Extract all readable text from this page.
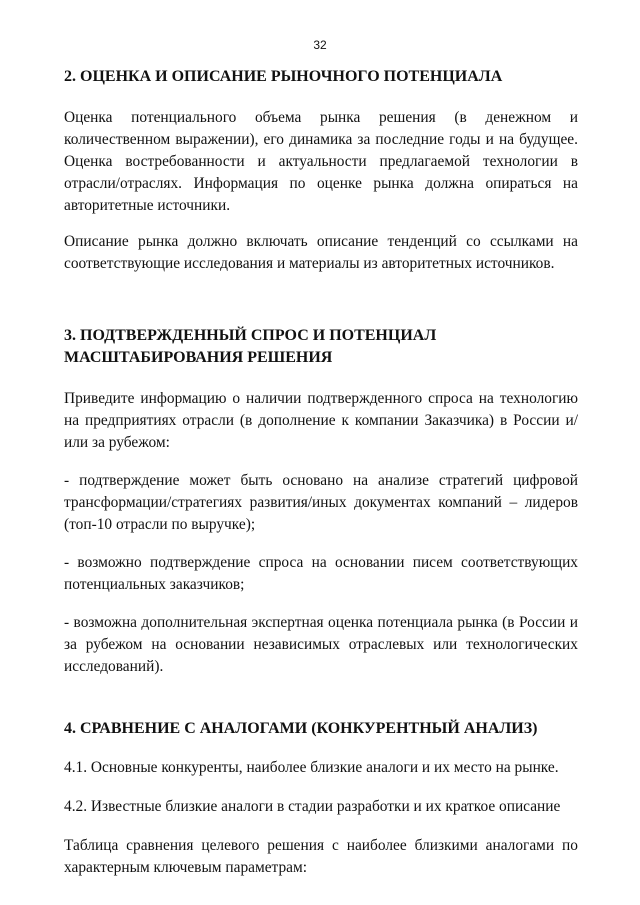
32
2. ОЦЕНКА И ОПИСАНИЕ РЫНОЧНОГО ПОТЕНЦИАЛА

Оценка потенциального объема рынка решения (в денежном и количественном выражении), его динамика за последние годы и на будущее. Оценка востребованности и актуальности предлагаемой технологии в отрасли/отраслях. Информация по оценке рынка должна опираться на авторитетные источники.

Описание рынка должно включать описание тенденций со ссылками на соответствующие исследования и материалы из авторитетных источников.

3. ПОДТВЕРЖДЕННЫЙ СПРОС И ПОТЕНЦИАЛ
МАСШТАБИРОВАНИЯ РЕШЕНИЯ

Приведите информацию о наличии подтвержденного спроса на технологию на предприятиях отрасли (в дополнение к компании Заказчика) в России и/или за рубежом:

- подтверждение может быть основано на анализе стратегий цифровой трансформации/стратегиях развития/иных документах компаний – лидеров (топ-10 отрасли по выручке);

- возможно подтверждение спроса на основании писем соответствующих потенциальных заказчиков;

- возможна дополнительная экспертная оценка потенциала рынка (в России и за рубежом на основании независимых отраслевых или технологических исследований).

4. СРАВНЕНИЕ С АНАЛОГАМИ (КОНКУРЕНТНЫЙ АНАЛИЗ)

4.1. Основные конкуренты, наиболее близкие аналоги и их место на рынке.

4.2. Известные близкие аналоги в стадии разработки и их краткое описание

Таблица сравнения целевого решения с наиболее близкими аналогами по характерным ключевым параметрам:
